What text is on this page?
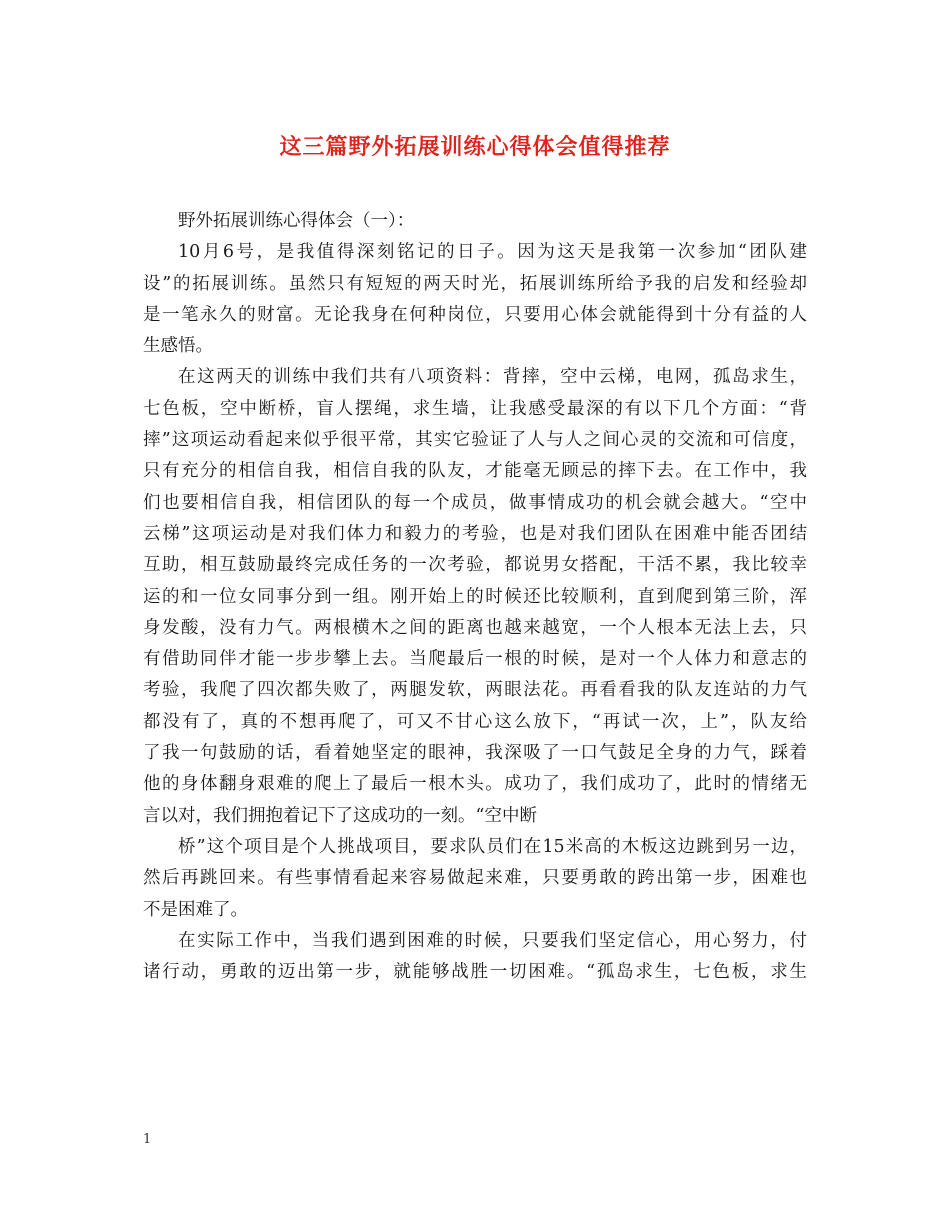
这三篇野外拓展训练心得体会值得推荐
野外拓展训练心得体会（一）：
10月6号，是我值得深刻铭记的日子。因为这天是我第一次参加“团队建
设”的拓展训练。虽然只有短短的两天时光，拓展训练所给予我的启发和经验却
是一笔永久的财富。无论我身在何种岗位，只要用心体会就能得到十分有益的人
生感悟。
在这两天的训练中我们共有八项资料：背摔，空中云梯，电网，孤岛求生，
七色板，空中断桥，盲人摆绳，求生墙，让我感受最深的有以下几个方面：“背
摔”这项运动看起来似乎很平常，其实它验证了人与人之间心灵的交流和可信度，
只有充分的相信自我，相信自我的队友，才能毫无顾忌的摔下去。在工作中，我
们也要相信自我，相信团队的每一个成员，做事情成功的机会就会越大。“空中
云梯”这项运动是对我们体力和毅力的考验，也是对我们团队在困难中能否团结
互助，相互鼓励最终完成任务的一次考验，都说男女搭配，干活不累，我比较幸
运的和一位女同事分到一组。刚开始上的时候还比较顺利，直到爬到第三阶，浑
身发酸，没有力气。两根横木之间的距离也越来越宽，一个人根本无法上去，只
有借助同伴才能一步步攀上去。当爬最后一根的时候，是对一个人体力和意志的
考验，我爬了四次都失败了，两腿发软，两眼法花。再看看我的队友连站的力气
都没有了，真的不想再爬了，可又不甘心这么放下，“再试一次，上”，队友给
了我一句鼓励的话，看着她坚定的眼神，我深吸了一口气鼓足全身的力气，踩着
他的身体翻身艰难的爬上了最后一根木头。成功了，我们成功了，此时的情绪无
言以对，我们拥抱着记下了这成功的一刻。“空中断
桥”这个项目是个人挑战项目，要求队员们在15米高的木板这边跳到另一边，
然后再跳回来。有些事情看起来容易做起来难，只要勇敢的跨出第一步，困难也
不是困难了。
在实际工作中，当我们遇到困难的时候，只要我们坚定信心，用心努力，付
诸行动，勇敢的迈出第一步，就能够战胜一切困难。“孤岛求生，七色板，求生
1
